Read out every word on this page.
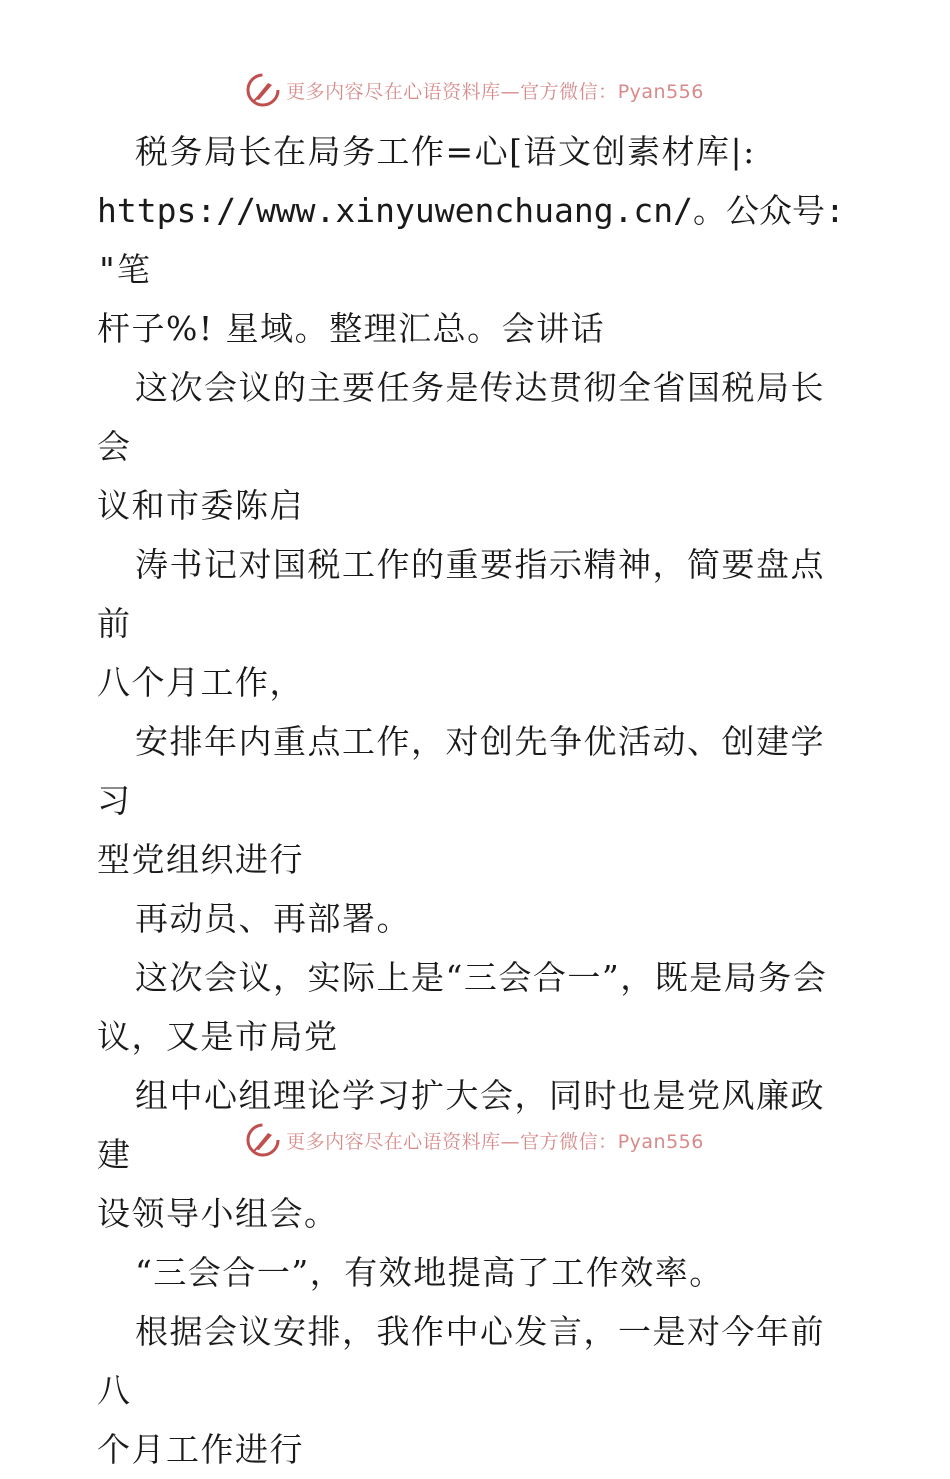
更多内容尽在心语资料库—官方微信：Pyan556

税务局长在局务工作=心[语文创素材库|:

https://www.xinyuwenchuang.cn/。公众号: "笔

杆子%! 星域。整理汇总。会讲话

这次会议的主要任务是传达贯彻全省国税局长会

议和市委陈启

涛书记对国税工作的重要指示精神，简要盘点前

八个月工作，

安排年内重点工作，对创先争优活动、创建学习

型党组织进行

再动员、再部署。

这次会议，实际上是“三会合一”，既是局务会

议，又是市局党

组中心组理论学习扩大会，同时也是党风廉政建

设领导小组会。

“三会合一”，有效地提高了工作效率。

根据会议安排，我作中心发言，一是对今年前八

个月工作进行

更多内容尽在心语资料库—官方微信：Pyan556
